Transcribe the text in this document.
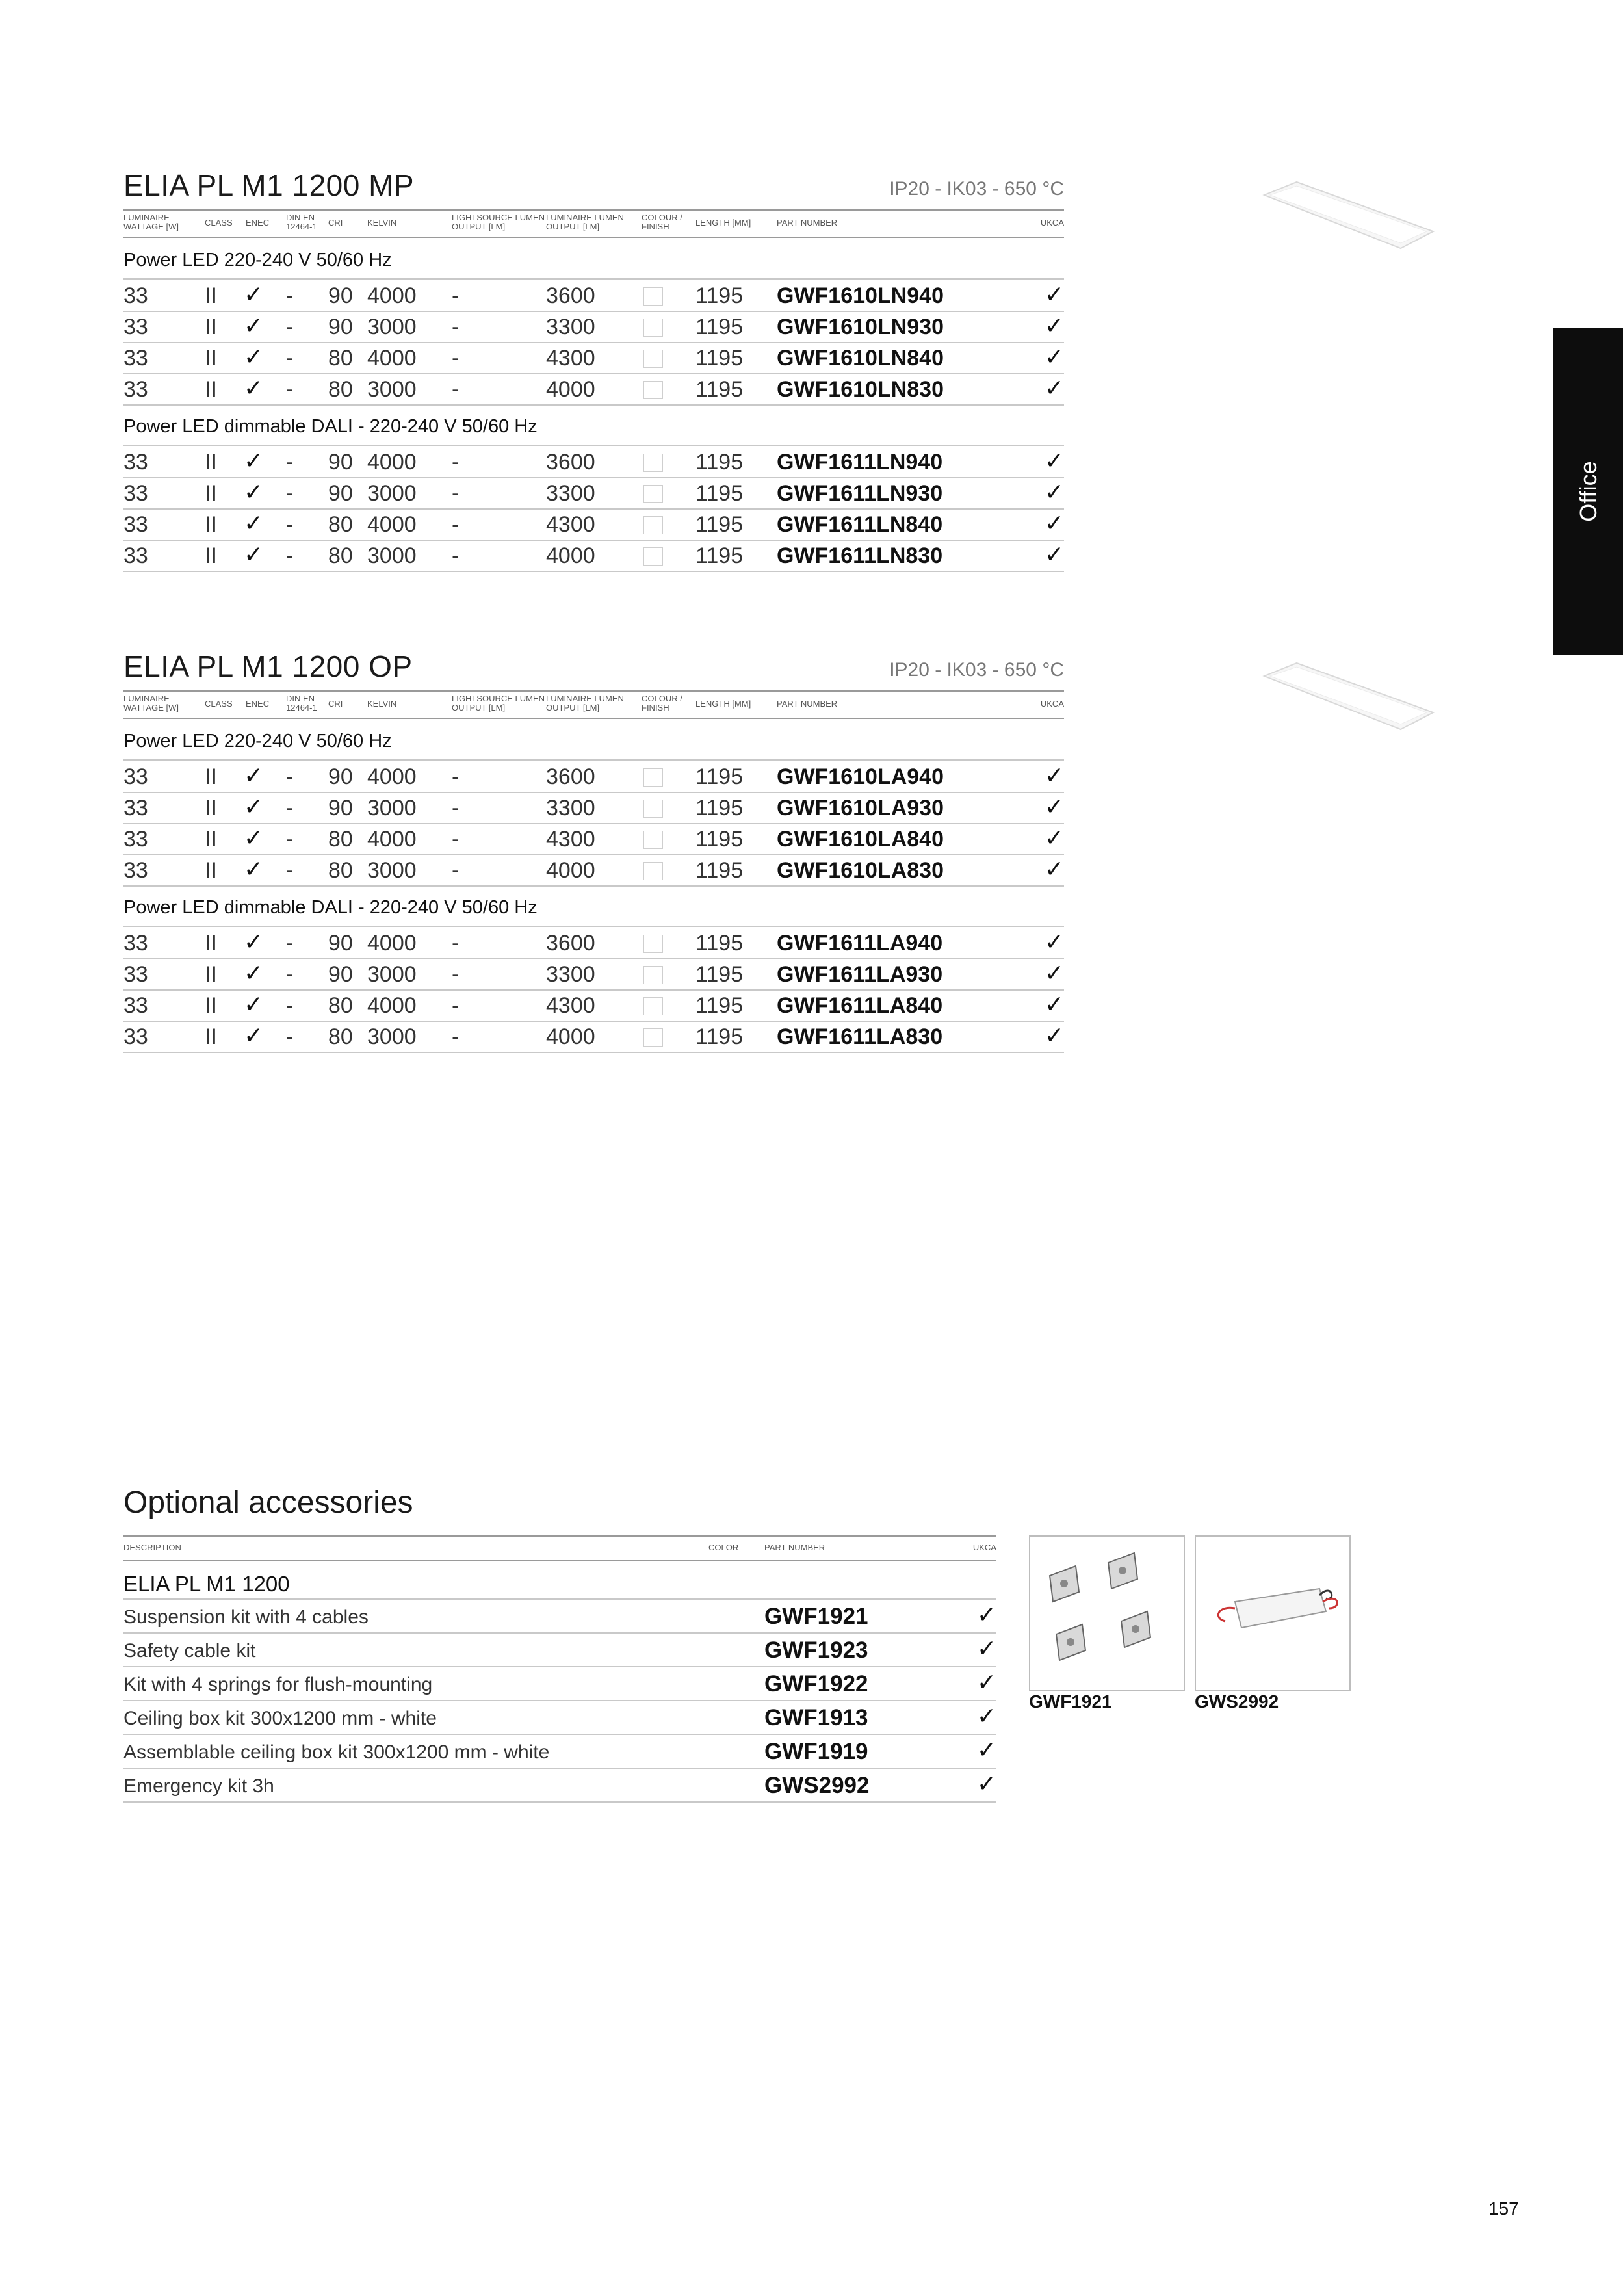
Office
ELIA PL M1 1200 MP	IP20 - IK03 - 650 °C
LUMINAIRE
WATTAGE [W]	CLASS ENEC
DIN EN
12464-1 CRI	KELVIN
LIGHTSOURCE LUMEN
OUTPUT [LM]
LUMINAIRE LUMEN
OUTPUT [LM]
COLOUR /
FINISH	LENGTH [MM]	PART NUMBER	UKCA
Power LED 220-240 V 50/60 Hz
33	II ✓ - 90 4000 -	3600	1195 GWF1610LN940	✓
33	II ✓ - 90 3000 -	3300	1195 GWF1610LN930	✓
33	II ✓ - 80 4000 -	4300	1195 GWF1610LN840	✓
33	II ✓ - 80 3000 -	4000	1195 GWF1610LN830	✓
Power LED dimmable DALI - 220-240 V 50/60 Hz
33	II ✓ - 90 4000 -	3600	1195 GWF1611LN940	✓
33	II ✓ - 90 3000 -	3300	1195 GWF1611LN930	✓
33	II ✓ - 80 4000 -	4300	1195 GWF1611LN840	✓
33	II ✓ - 80 3000 -	4000	1195 GWF1611LN830	✓
ELIA PL M1 1200 OP	IP20 - IK03 - 650 °C
LUMINAIRE
WATTAGE [W]	CLASS ENEC
DIN EN
12464-1 CRI	KELVIN
LIGHTSOURCE LUMEN
OUTPUT [LM]
LUMINAIRE LUMEN
OUTPUT [LM]
COLOUR /
FINISH	LENGTH [MM]	PART NUMBER	UKCA
Power LED 220-240 V 50/60 Hz
33	II ✓ - 90 4000 -	3600	1195 GWF1610LA940	✓
33	II ✓ - 90 3000 -	3300	1195 GWF1610LA930	✓
33	II ✓ - 80 4000 -	4300	1195 GWF1610LA840	✓
33	II ✓ - 80 3000 -	4000	1195 GWF1610LA830	✓
Power LED dimmable DALI - 220-240 V 50/60 Hz
33	II ✓ - 90 4000 -	3600	1195 GWF1611LA940	✓
33	II ✓ - 90 3000 -	3300	1195 GWF1611LA930	✓
33	II ✓ - 80 4000 -	4300	1195 GWF1611LA840	✓
33	II ✓ - 80 3000 -	4000	1195 GWF1611LA830	✓
Optional accessories
DESCRIPTION	COLOR	PART NUMBER	UKCA
ELIA PL M1 1200
Suspension kit with 4 cables	GWF1921	✓
Safety cable kit	GWF1923	✓
Kit with 4 springs for flush-mounting	GWF1922	✓
Ceiling box kit 300x1200 mm - white	GWF1913	✓
Assemblable ceiling box kit 300x1200 mm - white	GWF1919	✓
Emergency kit 3h	GWS2992	✓
GWF1921	GWS2992
157
